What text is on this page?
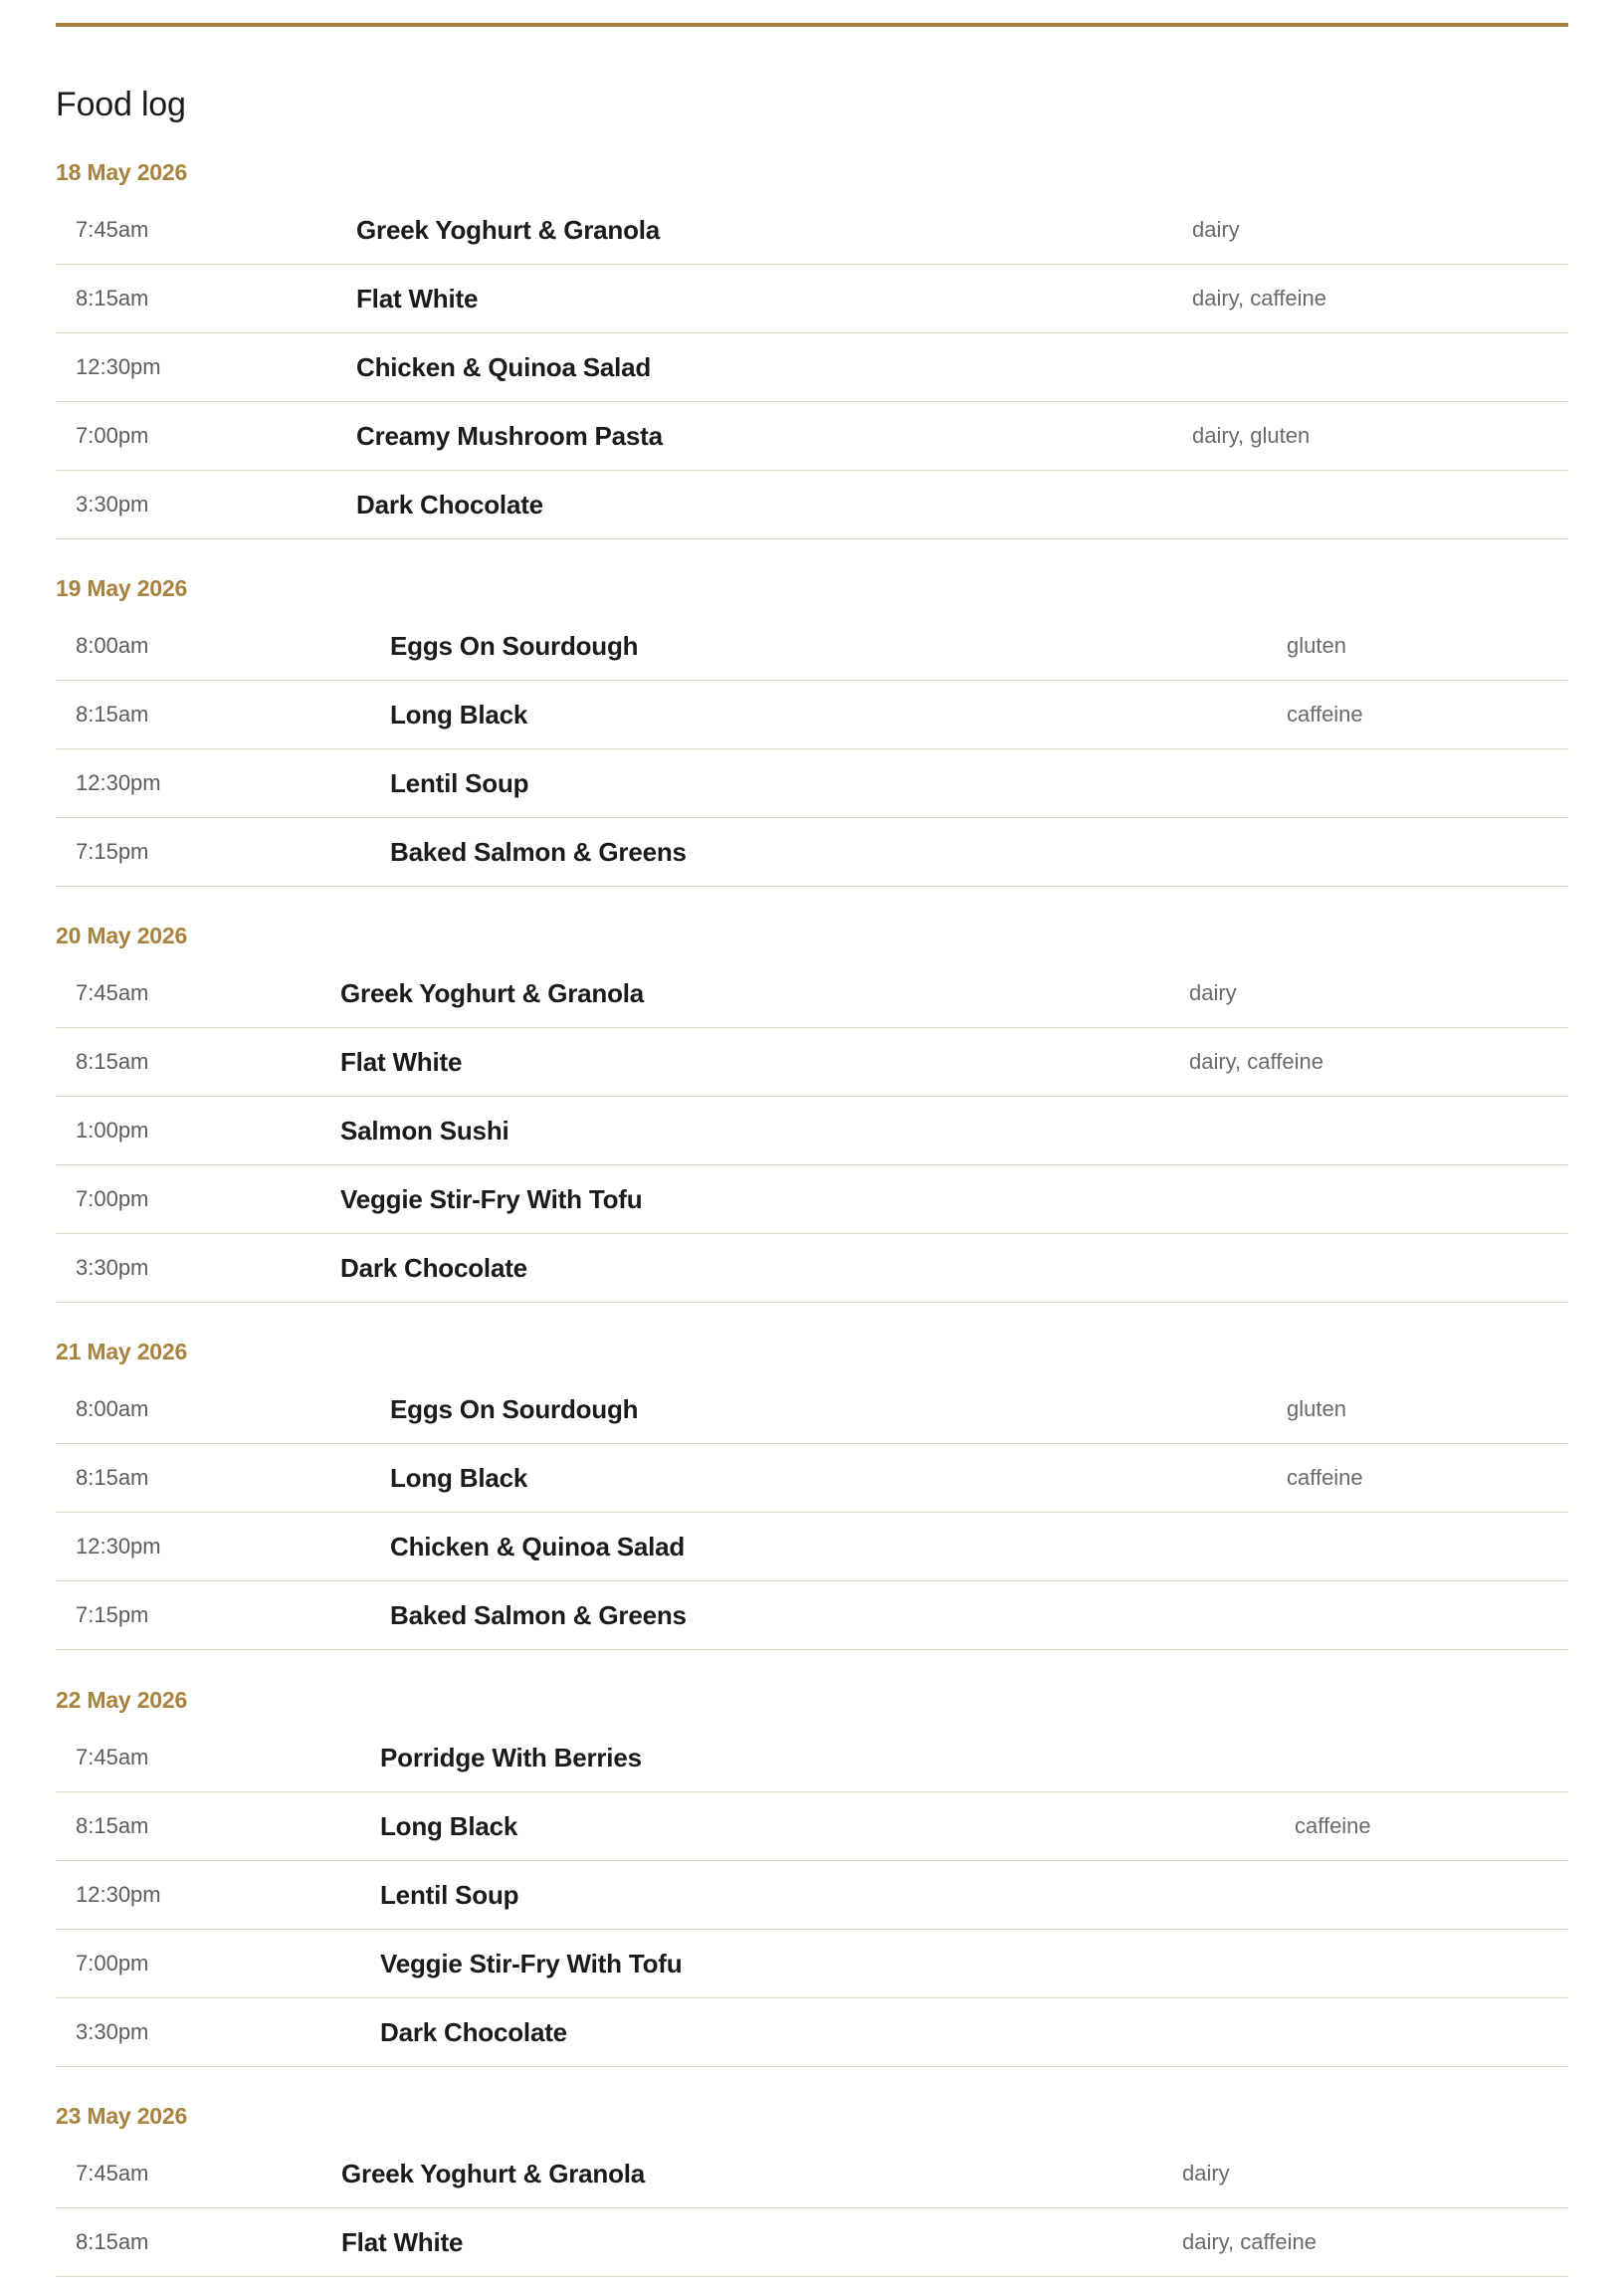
Food log
18 May 2026
7:45am	Greek Yoghurt & Granola	dairy
8:15am	Flat White	dairy, caffeine
12:30pm	Chicken & Quinoa Salad
7:00pm	Creamy Mushroom Pasta	dairy, gluten
3:30pm	Dark Chocolate
19 May 2026
8:00am	Eggs On Sourdough	gluten
8:15am	Long Black	caffeine
12:30pm	Lentil Soup
7:15pm	Baked Salmon & Greens
20 May 2026
7:45am	Greek Yoghurt & Granola	dairy
8:15am	Flat White	dairy, caffeine
1:00pm	Salmon Sushi
7:00pm	Veggie Stir-Fry With Tofu
3:30pm	Dark Chocolate
21 May 2026
8:00am	Eggs On Sourdough	gluten
8:15am	Long Black	caffeine
12:30pm	Chicken & Quinoa Salad
7:15pm	Baked Salmon & Greens
22 May 2026
7:45am	Porridge With Berries
8:15am	Long Black	caffeine
12:30pm	Lentil Soup
7:00pm	Veggie Stir-Fry With Tofu
3:30pm	Dark Chocolate
23 May 2026
7:45am	Greek Yoghurt & Granola	dairy
8:15am	Flat White	dairy, caffeine
